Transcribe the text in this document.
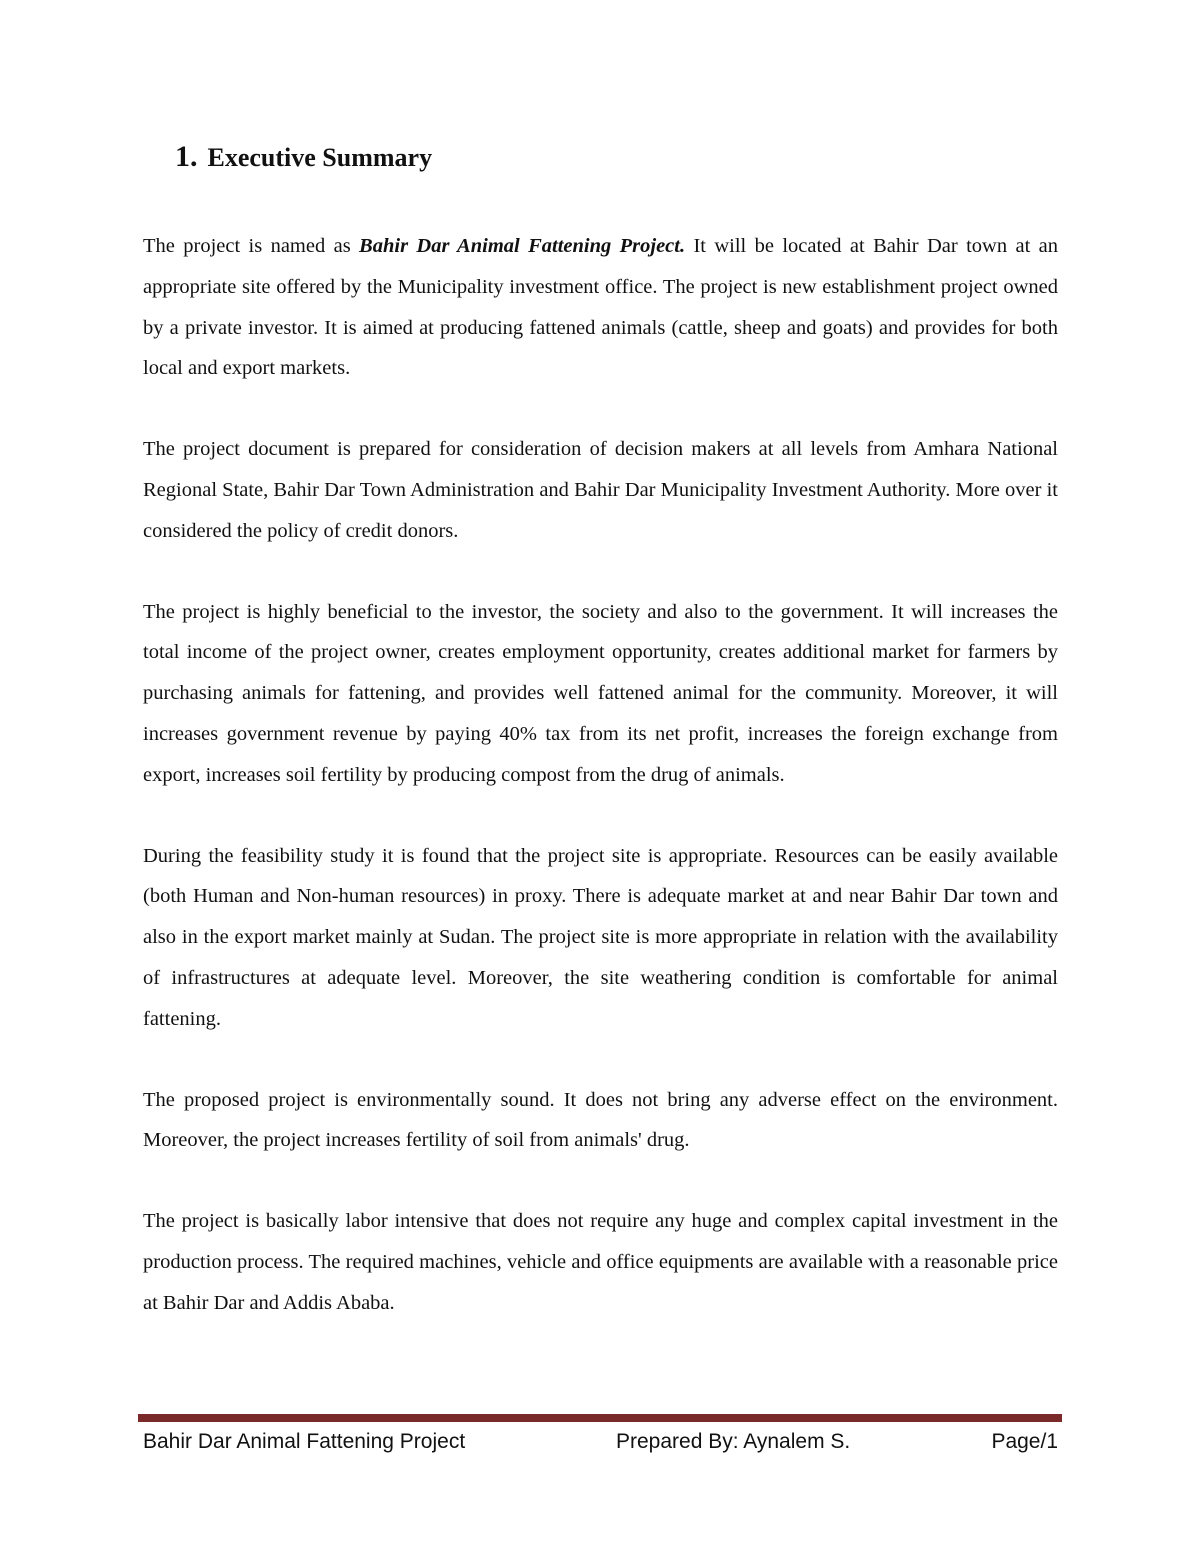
1. Executive Summary

The project is named as Bahir Dar Animal Fattening Project. It will be located at Bahir Dar town at an appropriate site offered by the Municipality investment office. The project is new establishment project owned by a private investor. It is aimed at producing fattened animals (cattle, sheep and goats) and provides for both local and export markets.

The project document is prepared for consideration of decision makers at all levels from Amhara National Regional State, Bahir Dar Town Administration and Bahir Dar Municipality Investment Authority. More over it considered the policy of credit donors.

The project is highly beneficial to the investor, the society and also to the government. It will increases the total income of the project owner, creates employment opportunity, creates additional market for farmers by purchasing animals for fattening, and provides well fattened animal for the community. Moreover, it will increases government revenue by paying 40% tax from its net profit, increases the foreign exchange from export, increases soil fertility by producing compost from the drug of animals.

During the feasibility study it is found that the project site is appropriate. Resources can be easily available (both Human and Non-human resources) in proxy. There is adequate market at and near Bahir Dar town and also in the export market mainly at Sudan. The project site is more appropriate in relation with the availability of infrastructures at adequate level. Moreover, the site weathering condition is comfortable for animal fattening.

The proposed project is environmentally sound. It does not bring any adverse effect on the environment. Moreover, the project increases fertility of soil from animals' drug.

The project is basically labor intensive that does not require any huge and complex capital investment in the production process. The required machines, vehicle and office equipments are available with a reasonable price at Bahir Dar and Addis Ababa.

Bahir Dar Animal Fattening Project	Prepared By: Aynalem S.	Page/1
